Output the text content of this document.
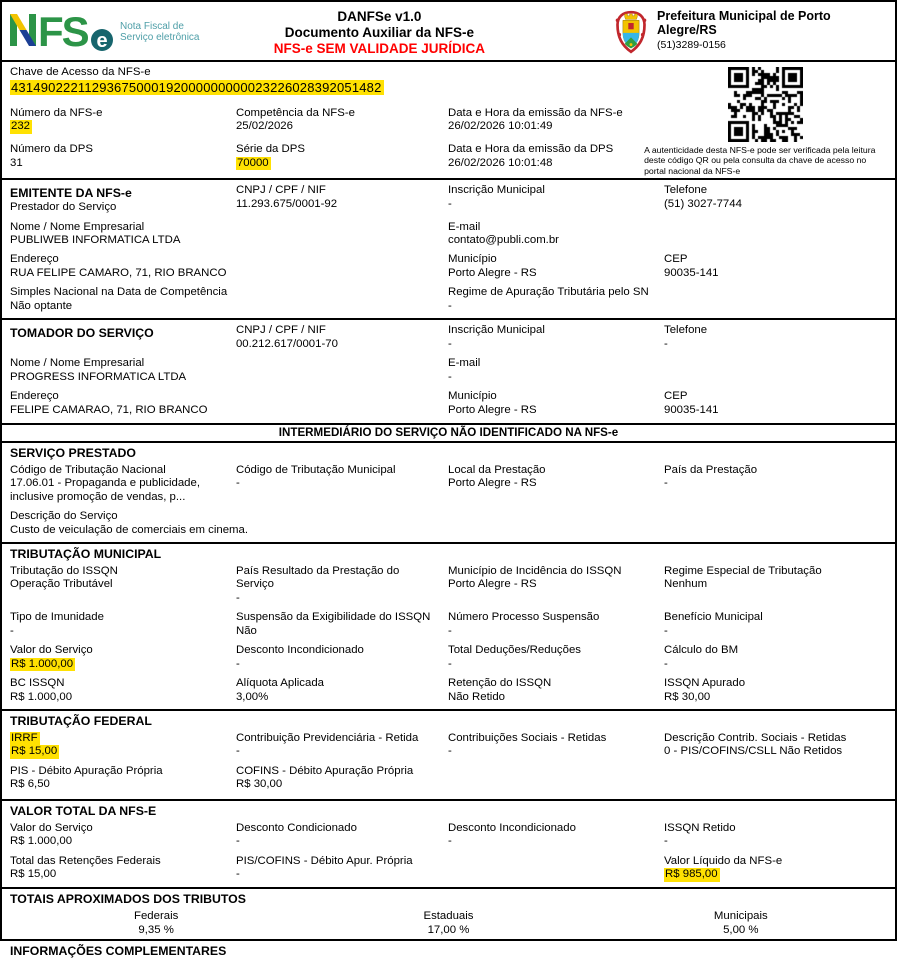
FS e
Nota Fiscal de
Serviço eletrônica
DANFSe v1.0
Documento Auxiliar da NFS-e
NFS-e SEM VALIDADE JURÍDICA
Prefeitura Municipal de Porto Alegre/RS
(51)3289-0156
Chave de Acesso da NFS-e
43149022211293675000192000000000023226028392051482
A autenticidade desta NFS-e pode ser verificada pela leitura deste código QR ou pela consulta da chave de acesso no portal nacional da NFS-e
Número da NFS-e
232
Competência da NFS-e
25/02/2026
Data e Hora da emissão da NFS-e
26/02/2026 10:01:49
Número da DPS
31
Série da DPS
70000
Data e Hora da emissão da DPS
26/02/2026 10:01:48
EMITENTE DA NFS-e
Prestador do Serviço
CNPJ / CPF / NIF
11.293.675/0001-92
Inscrição Municipal
-
Telefone
(51) 3027-7744
Nome / Nome Empresarial
PUBLIWEB INFORMATICA LTDA
E-mail
contato@publi.com.br
Endereço
RUA FELIPE CAMARO, 71, RIO BRANCO
Município
Porto Alegre - RS
CEP
90035-141
Simples Nacional na Data de Competência
Não optante
Regime de Apuração Tributária pelo SN
-
TOMADOR DO SERVIÇO	CNPJ / CPF / NIF
00.212.617/0001-70
Inscrição Municipal
-
Telefone
-
Nome / Nome Empresarial
PROGRESS INFORMATICA LTDA
E-mail
-
Endereço
FELIPE CAMARAO, 71, RIO BRANCO
Município
Porto Alegre - RS
CEP
90035-141
INTERMEDIÁRIO DO SERVIÇO NÃO IDENTIFICADO NA NFS-e
SERVIÇO PRESTADO
Código de Tributação Nacional
17.06.01 - Propaganda e publicidade, inclusive promoção de vendas, p...
Código de Tributação Municipal
-
Local da Prestação
Porto Alegre - RS
País da Prestação
-
Descrição do Serviço
Custo de veiculação de comerciais em cinema.
TRIBUTAÇÃO MUNICIPAL
Tributação do ISSQN
Operação Tributável
País Resultado da Prestação do Serviço
-
Município de Incidência do ISSQN
Porto Alegre - RS
Regime Especial de Tributação
Nenhum
Tipo de Imunidade
-
Suspensão da Exigibilidade do ISSQN
Não
Número Processo Suspensão
-
Benefício Municipal
-
Valor do Serviço
R$ 1.000,00
Desconto Incondicionado
-
Total Deduções/Reduções
-
Cálculo do BM
-
BC ISSQN
R$ 1.000,00
Alíquota Aplicada
3,00%
Retenção do ISSQN
Não Retido
ISSQN Apurado
R$ 30,00
TRIBUTAÇÃO FEDERAL
IRRF
R$ 15,00
Contribuição Previdenciária - Retida
-
Contribuições Sociais - Retidas
-
Descrição Contrib. Sociais - Retidas
0 - PIS/COFINS/CSLL Não Retidos
PIS - Débito Apuração Própria
R$ 6,50
COFINS - Débito Apuração Própria
R$ 30,00
VALOR TOTAL DA NFS-E
Valor do Serviço
R$ 1.000,00
Desconto Condicionado
-
Desconto Incondicionado
-
ISSQN Retido
-
Total das Retenções Federais
R$ 15,00
PIS/COFINS - Débito Apur. Própria
-
Valor Líquido da NFS-e
R$ 985,00
TOTAIS APROXIMADOS DOS TRIBUTOS
Federais
9,35 %
Estaduais
17,00 %
Municipais
5,00 %
INFORMAÇÕES COMPLEMENTARES
